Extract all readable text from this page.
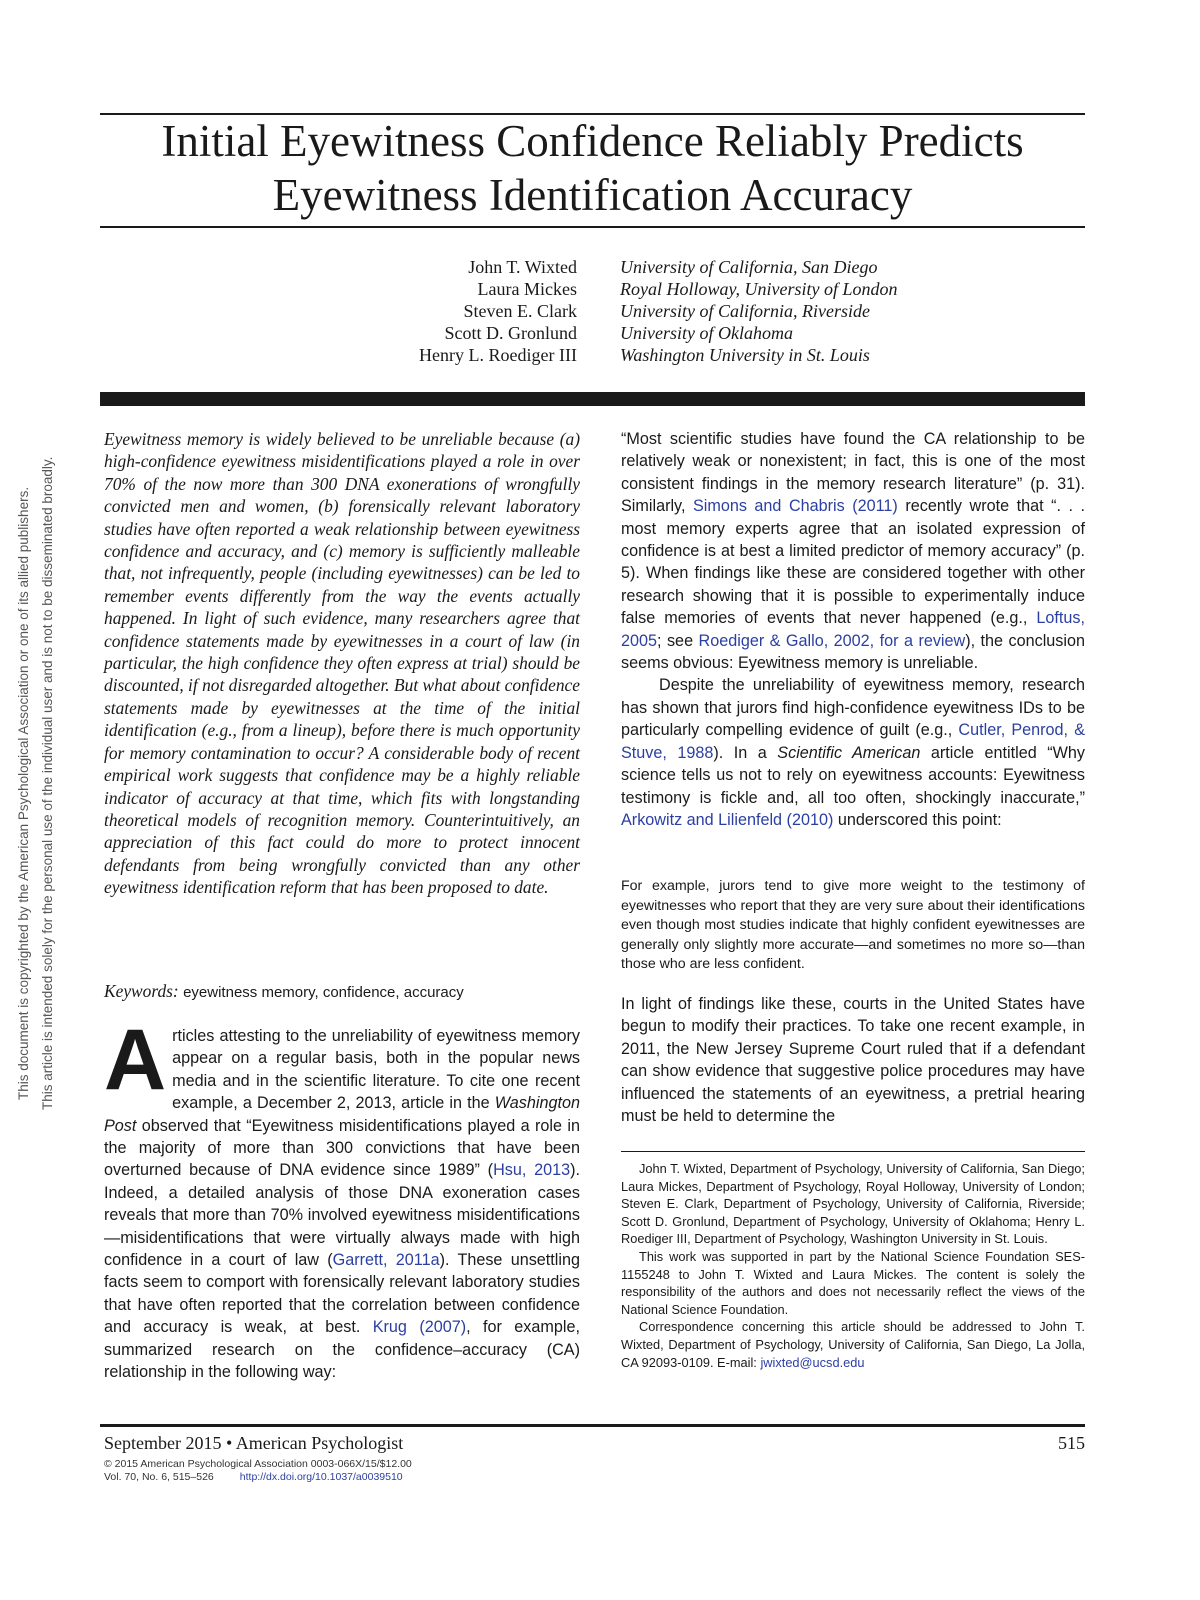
Initial Eyewitness Confidence Reliably Predicts
Eyewitness Identification Accuracy
John T. Wixted University of California, San Diego
Laura Mickes Royal Holloway, University of London
Steven E. Clark University of California, Riverside
Scott D. Gronlund University of Oklahoma
Henry L. Roediger III Washington University in St. Louis
This document is copyrighted by the American Psychological Association or one of its allied publishers. This article is intended solely for the personal use of the individual user and is not to be disseminated broadly.

Eyewitness memory is widely believed to be unreliable because (a) high-confidence eyewitness misidentifications played a role in over 70% of the now more than 300 DNA exonerations of wrongfully convicted men and women, (b) forensically relevant laboratory studies have often reported a weak relationship between eyewitness confidence and accuracy, and (c) memory is sufficiently malleable that, not infrequently, people (including eyewitnesses) can be led to remember events differently from the way the events actually happened. In light of such evidence, many researchers agree that confidence statements made by eyewitnesses in a court of law (in particular, the high confidence they often express at trial) should be discounted, if not disregarded altogether. But what about confidence statements made by eyewitnesses at the time of the initial identification (e.g., from a lineup), before there is much opportunity for memory contamination to occur? A considerable body of recent empirical work suggests that confidence may be a highly reliable indicator of accuracy at that time, which fits with longstanding theoretical models of recognition memory. Counterintuitively, an appreciation of this fact could do more to protect innocent defendants from being wrongfully convicted than any other eyewitness identification reform that has been proposed to date.

Keywords: eyewitness memory, confidence, accuracy

Articles attesting to the unreliability of eyewitness memory appear on a regular basis, both in the popular news media and in the scientific literature. To cite one recent example, a December 2, 2013, article in the Washington Post observed that “Eyewitness misidentifications played a role in the majority of more than 300 convictions that have been overturned because of DNA evidence since 1989” (Hsu, 2013). Indeed, a detailed analysis of those DNA exoneration cases reveals that more than 70% involved eyewitness misidentifications—misidentifications that were virtually always made with high confidence in a court of law (Garrett, 2011a). These unsettling facts seem to comport with forensically relevant laboratory studies that have often reported that the correlation between confidence and accuracy is weak, at best. Krug (2007), for example, summarized research on the confidence–accuracy (CA) relationship in the following way:

“Most scientific studies have found the CA relationship to be relatively weak or nonexistent; in fact, this is one of the most consistent findings in the memory research literature” (p. 31). Similarly, Simons and Chabris (2011) recently wrote that “. . . most memory experts agree that an isolated expression of confidence is at best a limited predictor of memory accuracy” (p. 5). When findings like these are considered together with other research showing that it is possible to experimentally induce false memories of events that never happened (e.g., Loftus, 2005; see Roediger & Gallo, 2002, for a review), the conclusion seems obvious: Eyewitness memory is unreliable.

Despite the unreliability of eyewitness memory, research has shown that jurors find high-confidence eyewitness IDs to be particularly compelling evidence of guilt (e.g., Cutler, Penrod, & Stuve, 1988). In a Scientific American article entitled “Why science tells us not to rely on eyewitness accounts: Eyewitness testimony is fickle and, all too often, shockingly inaccurate,” Arkowitz and Lilienfeld (2010) underscored this point:

For example, jurors tend to give more weight to the testimony of eyewitnesses who report that they are very sure about their identifications even though most studies indicate that highly confident eyewitnesses are generally only slightly more accurate—and sometimes no more so—than those who are less confident.

In light of findings like these, courts in the United States have begun to modify their practices. To take one recent example, in 2011, the New Jersey Supreme Court ruled that if a defendant can show evidence that suggestive police procedures may have influenced the statements of an eyewitness, a pretrial hearing must be held to determine the

John T. Wixted, Department of Psychology, University of California, San Diego; Laura Mickes, Department of Psychology, Royal Holloway, University of London; Steven E. Clark, Department of Psychology, University of California, Riverside; Scott D. Gronlund, Department of Psychology, University of Oklahoma; Henry L. Roediger III, Department of Psychology, Washington University in St. Louis.

This work was supported in part by the National Science Foundation SES-1155248 to John T. Wixted and Laura Mickes. The content is solely the responsibility of the authors and does not necessarily reflect the views of the National Science Foundation.

Correspondence concerning this article should be addressed to John T. Wixted, Department of Psychology, University of California, San Diego, La Jolla, CA 92093-0109. E-mail: jwixted@ucsd.edu

September 2015 • American Psychologist	515
© 2015 American Psychological Association 0003-066X/15/$12.00
Vol. 70, No. 6, 515–526 http://dx.doi.org/10.1037/a0039510
